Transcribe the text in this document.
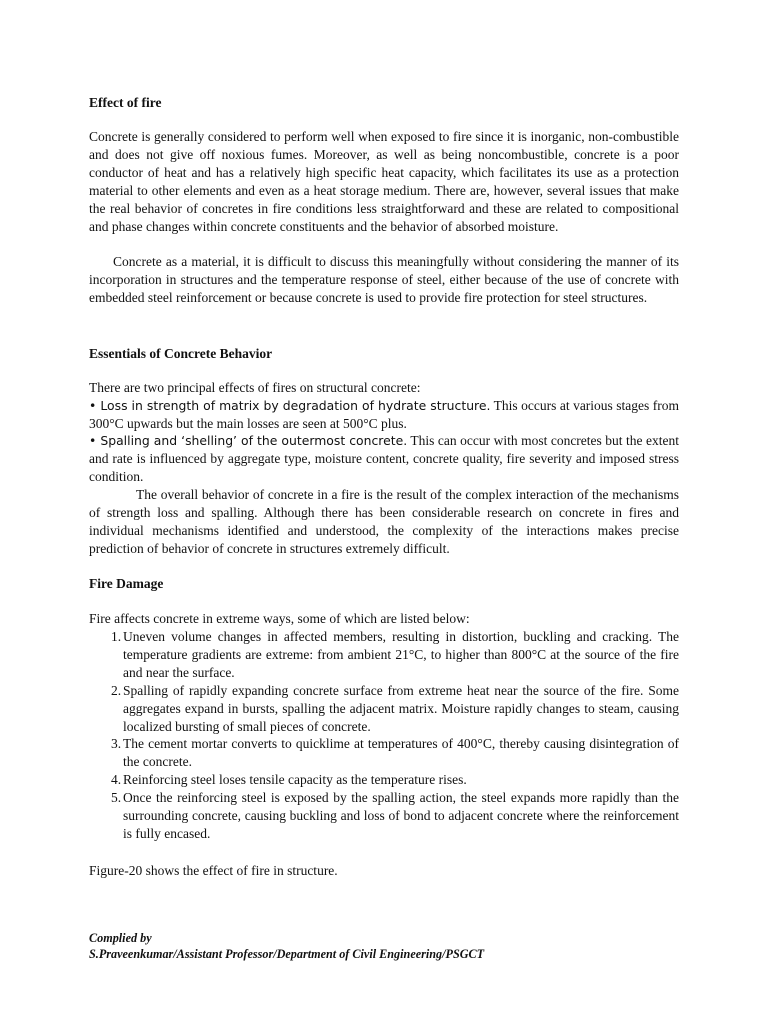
Effect of fire

Concrete is generally considered to perform well when exposed to fire since it is inorganic, non-combustible and does not give off noxious fumes. Moreover, as well as being noncombustible, concrete is a poor conductor of heat and has a relatively high specific heat capacity, which facilitates its use as a protection material to other elements and even as a heat storage medium. There are, however, several issues that make the real behavior of concretes in fire conditions less straightforward and these are related to compositional and phase changes within concrete constituents and the behavior of absorbed moisture.

Concrete as a material, it is difficult to discuss this meaningfully without considering the manner of its incorporation in structures and the temperature response of steel, either because of the use of concrete with embedded steel reinforcement or because concrete is used to provide fire protection for steel structures.

Essentials of Concrete Behavior

There are two principal effects of fires on structural concrete:

• Loss in strength of matrix by degradation of hydrate structure. This occurs at various stages from 300°C upwards but the main losses are seen at 500°C plus.

• Spalling and ‘shelling’ of the outermost concrete. This can occur with most concretes but the extent and rate is influenced by aggregate type, moisture content, concrete quality, fire severity and imposed stress condition.

The overall behavior of concrete in a fire is the result of the complex interaction of the mechanisms of strength loss and spalling. Although there has been considerable research on concrete in fires and individual mechanisms identified and understood, the complexity of the interactions makes precise prediction of behavior of concrete in structures extremely difficult.

Fire Damage

Fire affects concrete in extreme ways, some of which are listed below:

1. Uneven volume changes in affected members, resulting in distortion, buckling and cracking. The temperature gradients are extreme: from ambient 21°C, to higher than 800°C at the source of the fire and near the surface.
2. Spalling of rapidly expanding concrete surface from extreme heat near the source of the fire. Some aggregates expand in bursts, spalling the adjacent matrix. Moisture rapidly changes to steam, causing localized bursting of small pieces of concrete.
3. The cement mortar converts to quicklime at temperatures of 400°C, thereby causing disintegration of the concrete.
4. Reinforcing steel loses tensile capacity as the temperature rises.
5. Once the reinforcing steel is exposed by the spalling action, the steel expands more rapidly than the surrounding concrete, causing buckling and loss of bond to adjacent concrete where the reinforcement is fully encased.

Figure-20 shows the effect of fire in structure.

Complied by
S.Praveenkumar/Assistant Professor/Department of Civil Engineering/PSGCT
